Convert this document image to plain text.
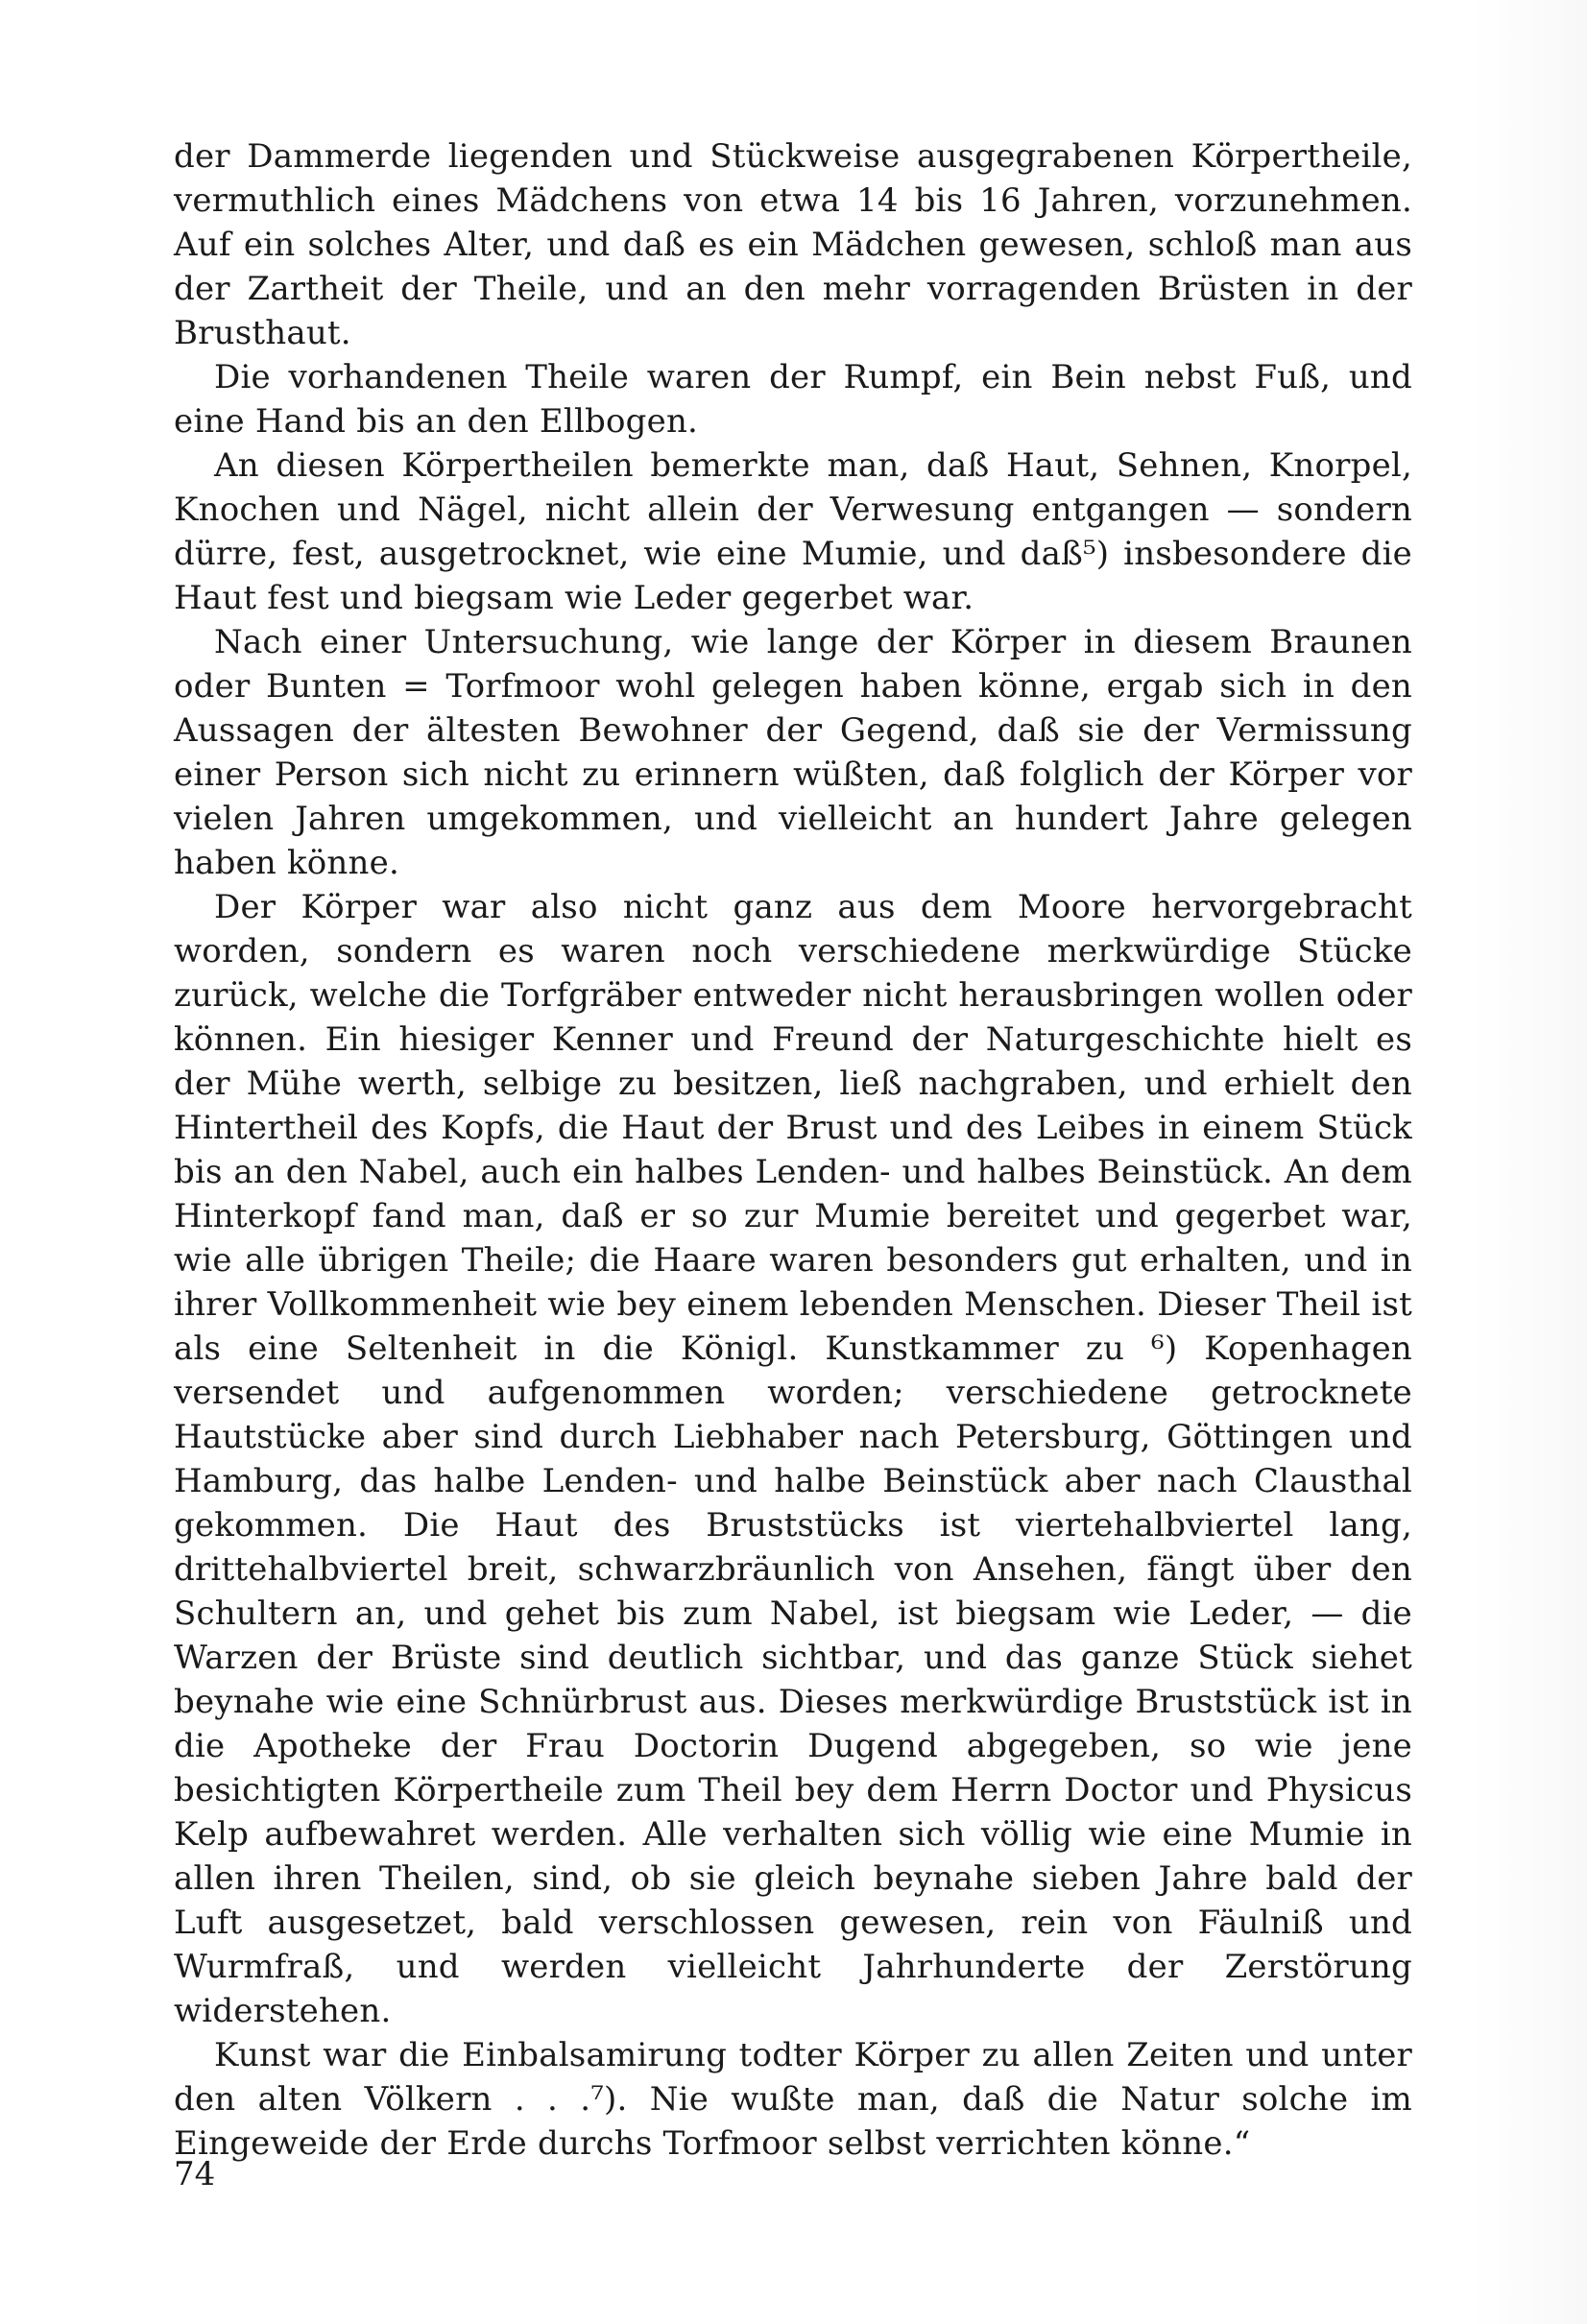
der Dammerde liegenden und Stückweise ausgegrabenen Körpertheile, vermuthlich eines Mädchens von etwa 14 bis 16 Jahren, vorzunehmen. Auf ein solches Alter, und daß es ein Mädchen gewesen, schloß man aus der Zartheit der Theile, und an den mehr vorragenden Brüsten in der Brusthaut.

Die vorhandenen Theile waren der Rumpf, ein Bein nebst Fuß, und eine Hand bis an den Ellbogen.

An diesen Körpertheilen bemerkte man, daß Haut, Sehnen, Knorpel, Knochen und Nägel, nicht allein der Verwesung entgangen — sondern dürre, fest, ausgetrocknet, wie eine Mumie, und daß⁵) insbesondere die Haut fest und biegsam wie Leder gegerbet war.

Nach einer Untersuchung, wie lange der Körper in diesem Braunen oder Bunten = Torfmoor wohl gelegen haben könne, ergab sich in den Aussagen der ältesten Bewohner der Gegend, daß sie der Vermissung einer Person sich nicht zu erinnern wüßten, daß folglich der Körper vor vielen Jahren umgekommen, und vielleicht an hundert Jahre gelegen haben könne.

Der Körper war also nicht ganz aus dem Moore hervorgebracht worden, sondern es waren noch verschiedene merkwürdige Stücke zurück, welche die Torfgräber entweder nicht herausbringen wollen oder können. Ein hiesiger Kenner und Freund der Naturgeschichte hielt es der Mühe werth, selbige zu besitzen, ließ nachgraben, und erhielt den Hintertheil des Kopfs, die Haut der Brust und des Leibes in einem Stück bis an den Nabel, auch ein halbes Lenden- und halbes Beinstück. An dem Hinterkopf fand man, daß er so zur Mumie bereitet und gegerbet war, wie alle übrigen Theile; die Haare waren besonders gut erhalten, und in ihrer Vollkommenheit wie bey einem lebenden Menschen. Dieser Theil ist als eine Seltenheit in die Königl. Kunstkammer zu ⁶) Kopenhagen versendet und aufgenommen worden; verschiedene getrocknete Hautstücke aber sind durch Liebhaber nach Petersburg, Göttingen und Hamburg, das halbe Lenden- und halbe Beinstück aber nach Clausthal gekommen. Die Haut des Bruststücks ist viertehalbviertel lang, drittehalbviertel breit, schwarzbräunlich von Ansehen, fängt über den Schultern an, und gehet bis zum Nabel, ist biegsam wie Leder, — die Warzen der Brüste sind deutlich sichtbar, und das ganze Stück siehet beynahe wie eine Schnürbrust aus. Dieses merkwürdige Bruststück ist in die Apotheke der Frau Doctorin Dugend abgegeben, so wie jene besichtigten Körpertheile zum Theil bey dem Herrn Doctor und Physicus Kelp aufbewahret werden. Alle verhalten sich völlig wie eine Mumie in allen ihren Theilen, sind, ob sie gleich beynahe sieben Jahre bald der Luft ausgesetzet, bald verschlossen gewesen, rein von Fäulniß und Wurmfraß, und werden vielleicht Jahrhunderte der Zerstörung widerstehen.

Kunst war die Einbalsamirung todter Körper zu allen Zeiten und unter den alten Völkern . . .⁷). Nie wußte man, daß die Natur solche im Eingeweide der Erde durchs Torfmoor selbst verrichten könne.“

74
